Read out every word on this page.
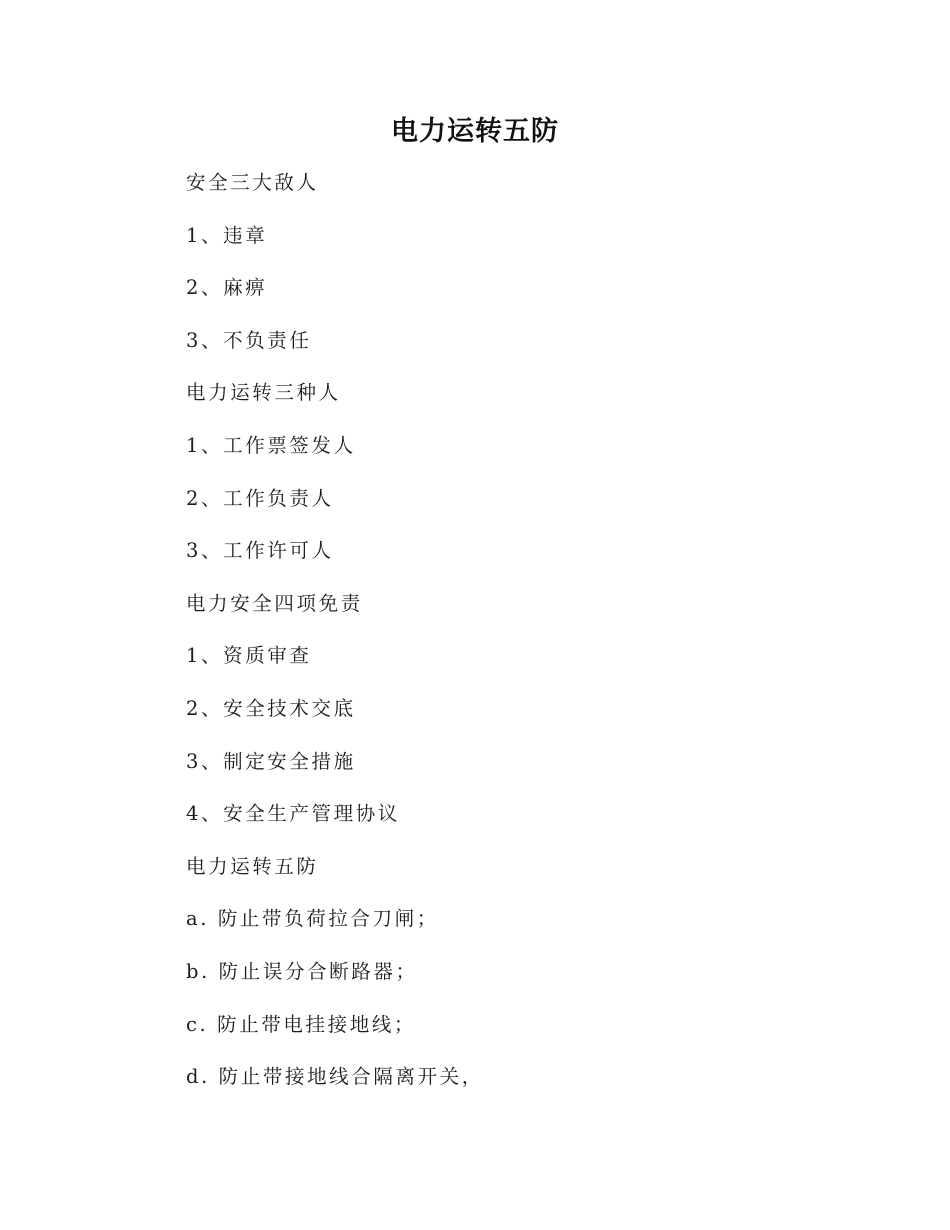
电力运转五防
安全三大敌人
1、违章
2、麻痹
3、不负责任
电力运转三种人
1、工作票签发人
2、工作负责人
3、工作许可人
电力安全四项免责
1、资质审查
2、安全技术交底
3、制定安全措施
4、安全生产管理协议
电力运转五防
a. 防止带负荷拉合刀闸；
b. 防止误分合断路器；
c. 防止带电挂接地线；
d. 防止带接地线合隔离开关，
